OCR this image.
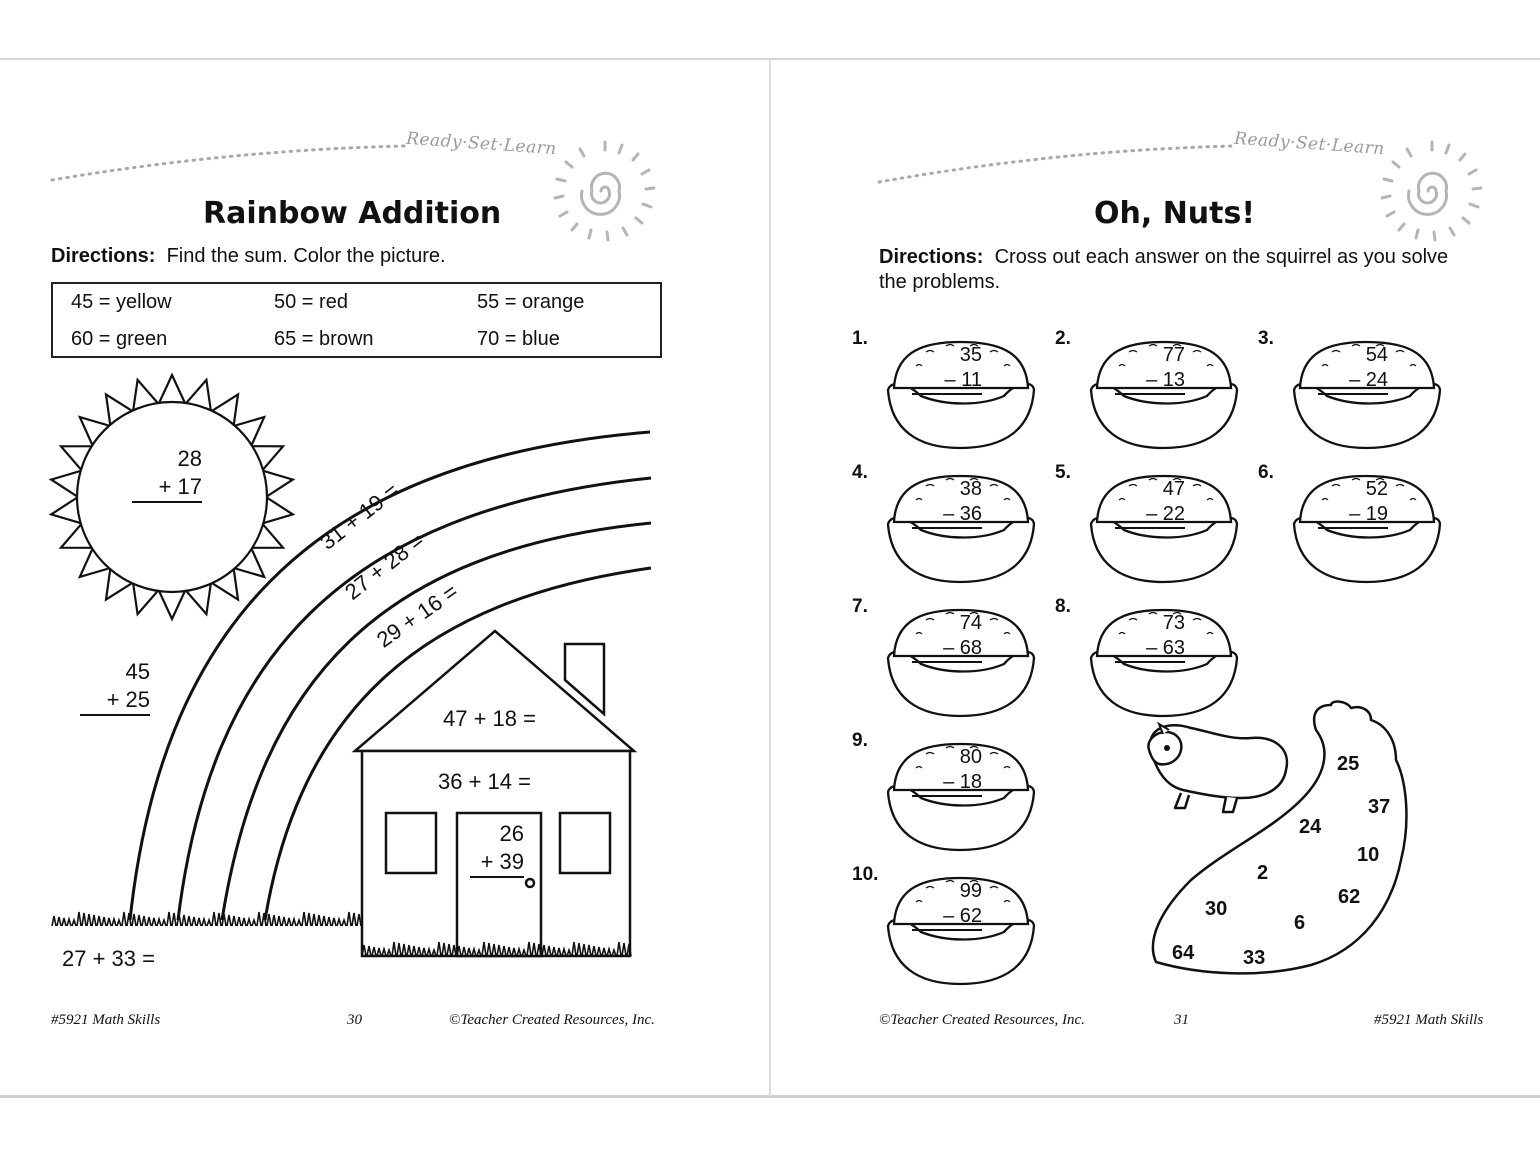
Ready·Set·Learn
Rainbow Addition
Directions: Find the sum. Color the picture.
45 = yellow	50 = red	55 = orange
60 = green	65 = brown	70 = blue
28
+ 17	31 + 19 =
27 + 28 =
29 + 16 =
45
+ 25
47 + 18 =
36 + 14 =
26
+ 39
27 + 33 =
#5921 Math Skills	30	©Teacher Created Resources, Inc.
Ready·Set·Learn
Oh, Nuts!
Directions: Cross out each answer on the squirrel as you solve the problems.
1.
35
– 11
2.
77
– 13
3.
54
– 24
4.
38
– 36
5.
47
– 22
6.
52
– 19
7.
74
– 68
8.
73
– 63
9.
80
– 18
10.
99
– 62
25
37
24
10
2
62
30
6
64 33
©Teacher Created Resources, Inc.	31	#5921 Math Skills
